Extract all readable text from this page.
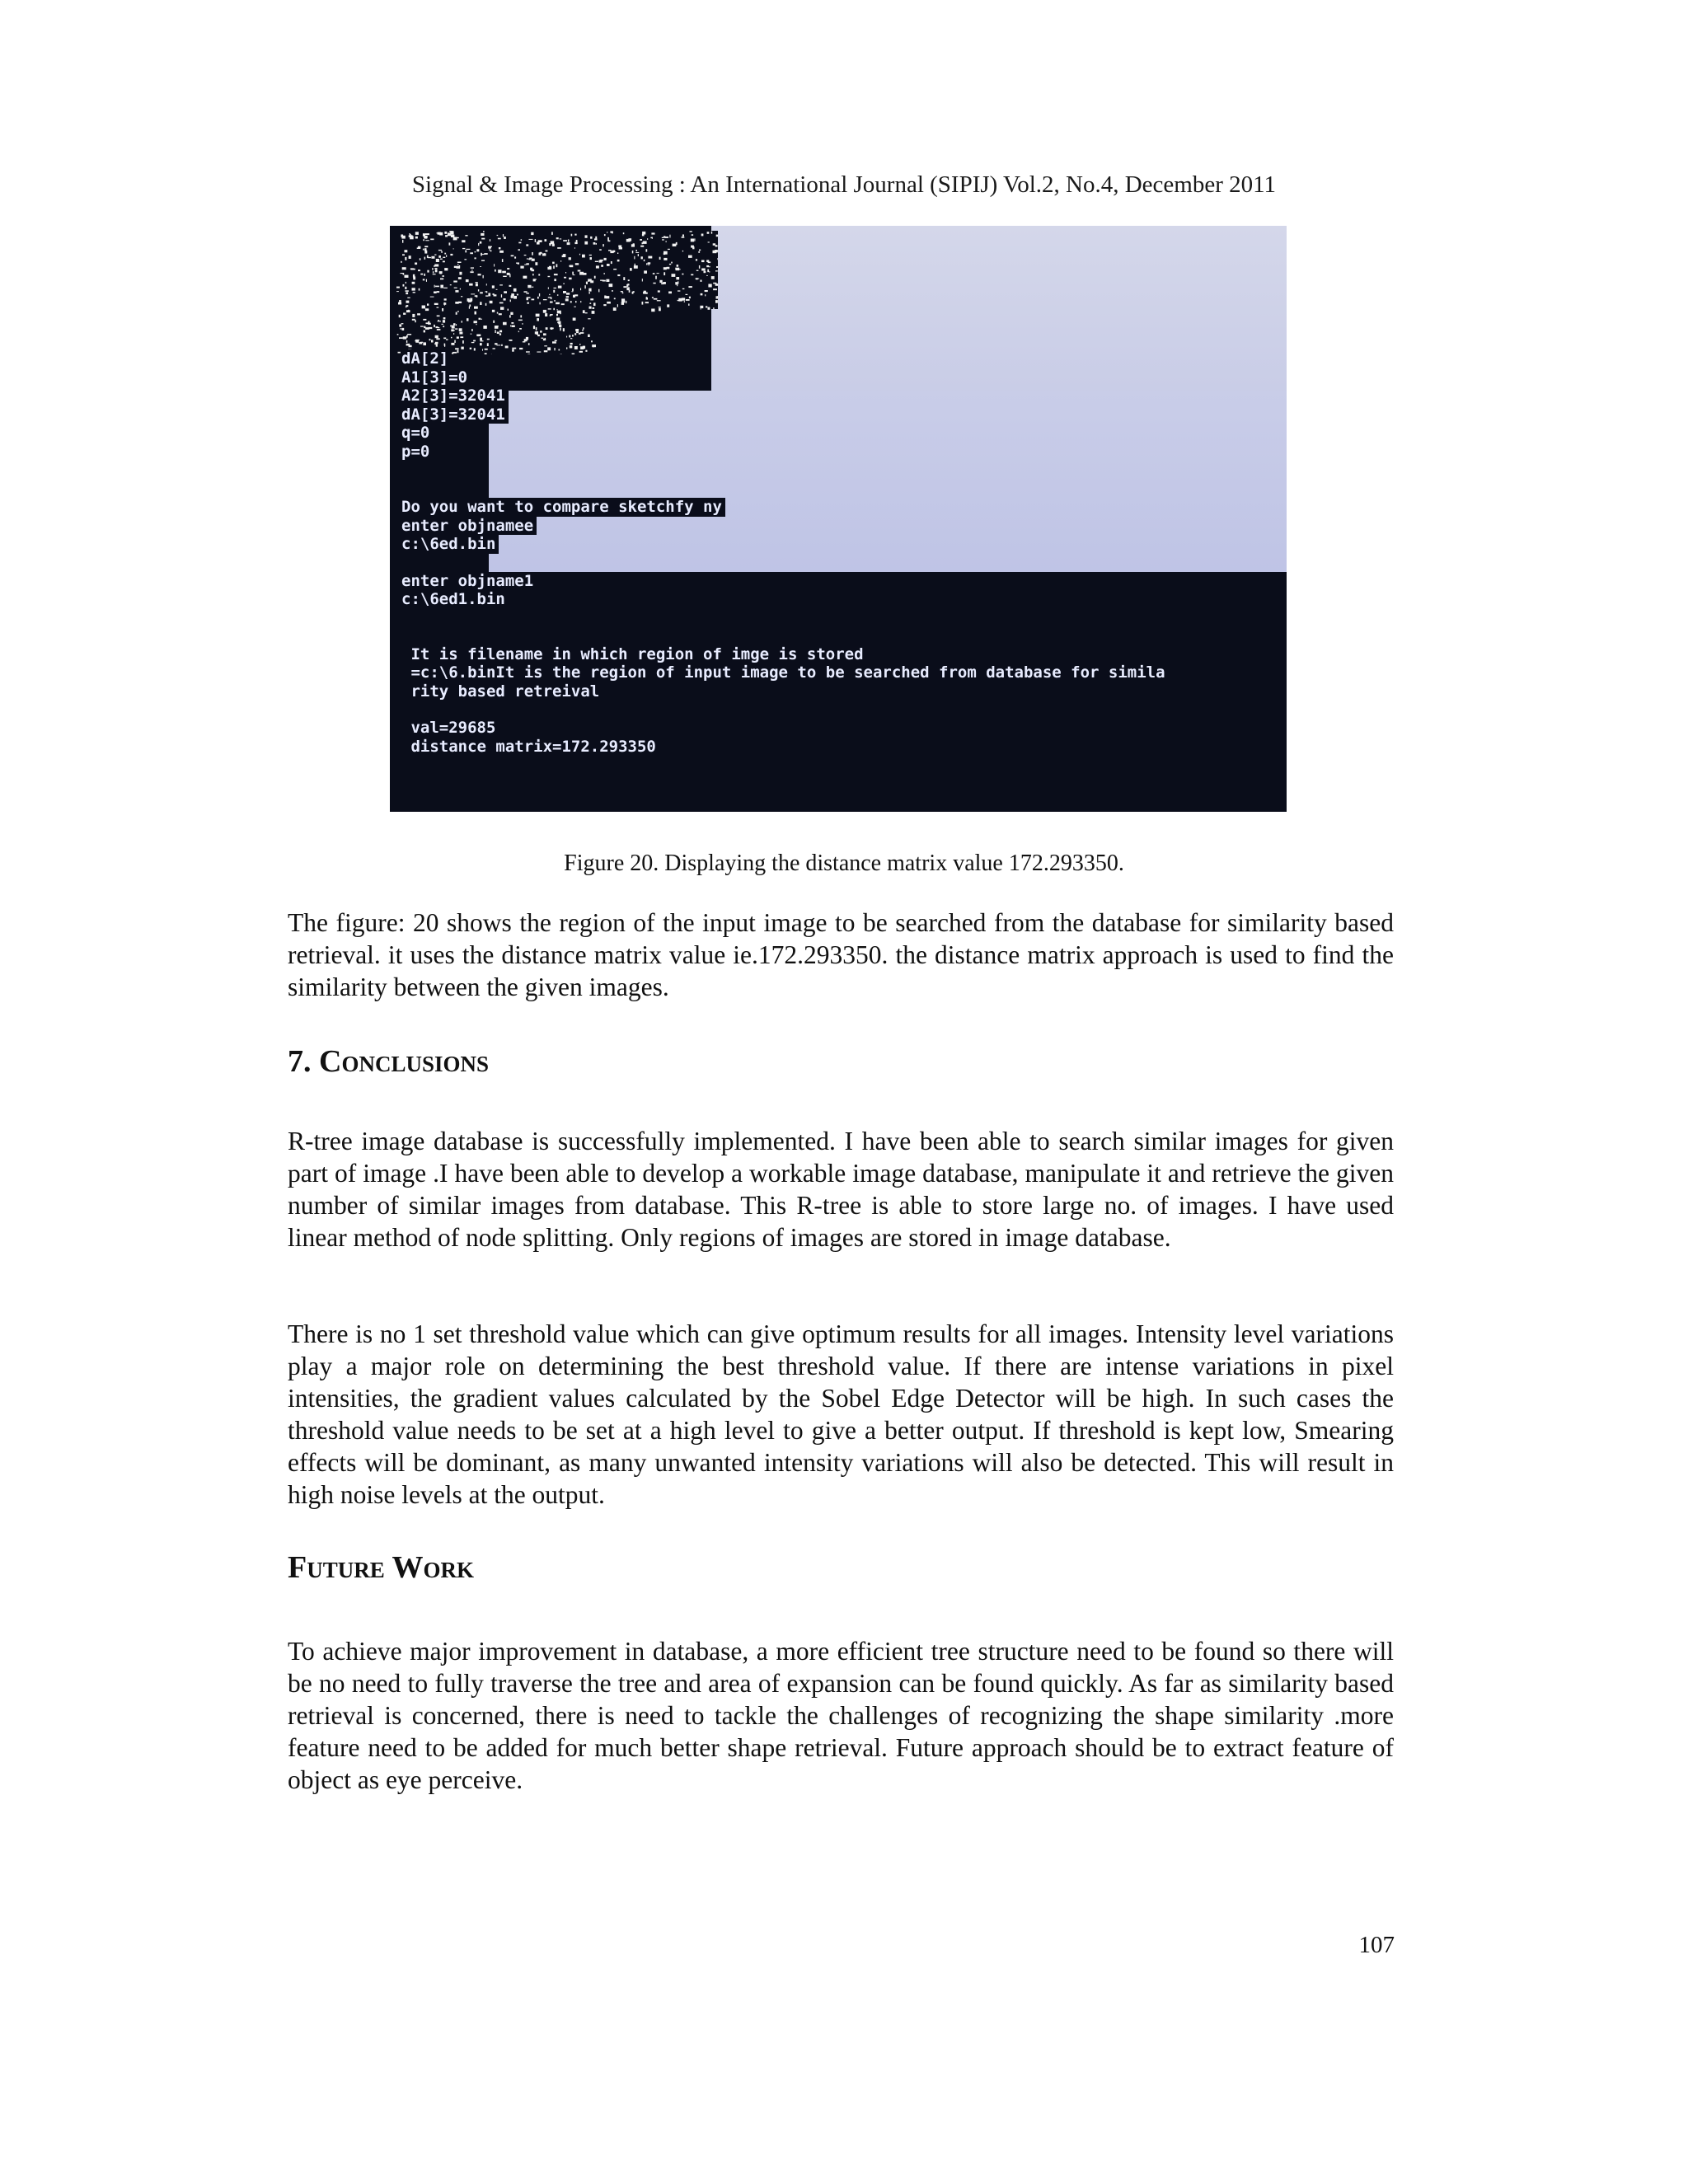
Signal & Image Processing : An International Journal (SIPIJ) Vol.2, No.4, December 2011
dA[2]
A1[3]=0
A2[3]=32041
dA[3]=32041
q=0
p=0
Do you want to compare sketchfy ny
enter objnamee
c:\6ed.bin
enter objname1
c:\6ed1.bin
It is filename in which region of imge is stored
=c:\6.binIt is the region of input image to be searched from database for simila
rity based retreival
val=29685
distance matrix=172.293350
Figure 20. Displaying the distance matrix value 172.293350.
The figure: 20 shows the region of the input image to be searched from the database for similarity based retrieval. it uses the distance matrix value ie.172.293350. the distance matrix approach is used to find the similarity between the given images.
7. Conclusions
R-tree image database is successfully implemented. I have been able to search similar images for given part of image .I have been able to develop a workable image database, manipulate it and retrieve the given number of similar images from database. This R-tree is able to store large no. of images. I have used linear method of node splitting. Only regions of images are stored in image database.
There is no 1 set threshold value which can give optimum results for all images. Intensity level variations play a major role on determining the best threshold value. If there are intense variations in pixel intensities, the gradient values calculated by the Sobel Edge Detector will be high. In such cases the threshold value needs to be set at a high level to give a better output. If threshold is kept low, Smearing effects will be dominant, as many unwanted intensity variations will also be detected. This will result in high noise levels at the output.
Future Work
To achieve major improvement in database, a more efficient tree structure need to be found so there will be no need to fully traverse the tree and area of expansion can be found quickly. As far as similarity based retrieval is concerned, there is need to tackle the challenges of recognizing the shape similarity .more feature need to be added for much better shape retrieval. Future approach should be to extract feature of object as eye perceive.
107
